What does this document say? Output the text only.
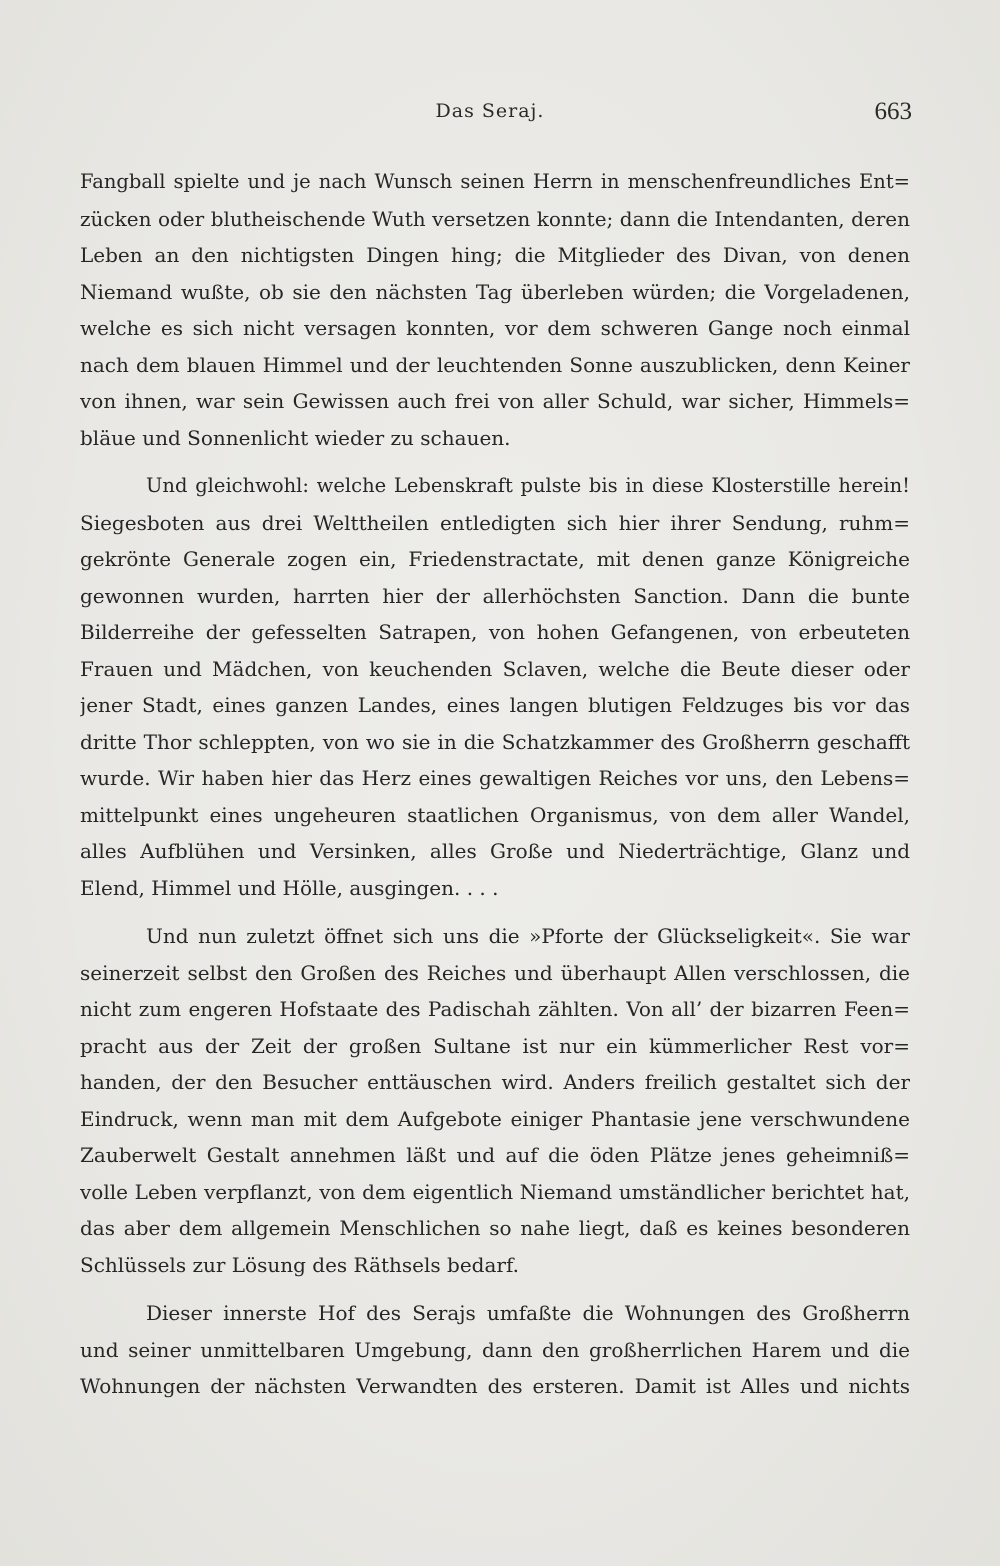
Das Seraj.	663
Fangball spielte und je nach Wunsch seinen Herrn in menschenfreundliches Ent=
zücken oder blutheischende Wuth versetzen konnte; dann die Intendanten, deren
Leben an den nichtigsten Dingen hing; die Mitglieder des Divan, von denen
Niemand wußte, ob sie den nächsten Tag überleben würden; die Vorgeladenen,
welche es sich nicht versagen konnten, vor dem schweren Gange noch einmal
nach dem blauen Himmel und der leuchtenden Sonne auszublicken, denn Keiner
von ihnen, war sein Gewissen auch frei von aller Schuld, war sicher, Himmels=
bläue und Sonnenlicht wieder zu schauen.
Und gleichwohl: welche Lebenskraft pulste bis in diese Klosterstille herein!
Siegesboten aus drei Welttheilen entledigten sich hier ihrer Sendung, ruhm=
gekrönte Generale zogen ein, Friedenstractate, mit denen ganze Königreiche
gewonnen wurden, harrten hier der allerhöchsten Sanction. Dann die bunte
Bilderreihe der gefesselten Satrapen, von hohen Gefangenen, von erbeuteten
Frauen und Mädchen, von keuchenden Sclaven, welche die Beute dieser oder
jener Stadt, eines ganzen Landes, eines langen blutigen Feldzuges bis vor das
dritte Thor schleppten, von wo sie in die Schatzkammer des Großherrn geschafft
wurde. Wir haben hier das Herz eines gewaltigen Reiches vor uns, den Lebens=
mittelpunkt eines ungeheuren staatlichen Organismus, von dem aller Wandel,
alles Aufblühen und Versinken, alles Große und Niederträchtige, Glanz und
Elend, Himmel und Hölle, ausgingen. . . .
Und nun zuletzt öffnet sich uns die »Pforte der Glückseligkeit«. Sie war
seinerzeit selbst den Großen des Reiches und überhaupt Allen verschlossen, die
nicht zum engeren Hofstaate des Padischah zählten. Von all’ der bizarren Feen=
pracht aus der Zeit der großen Sultane ist nur ein kümmerlicher Rest vor=
handen, der den Besucher enttäuschen wird. Anders freilich gestaltet sich der
Eindruck, wenn man mit dem Aufgebote einiger Phantasie jene verschwundene
Zauberwelt Gestalt annehmen läßt und auf die öden Plätze jenes geheimniß=
volle Leben verpflanzt, von dem eigentlich Niemand umständlicher berichtet hat,
das aber dem allgemein Menschlichen so nahe liegt, daß es keines besonderen
Schlüssels zur Lösung des Räthsels bedarf.
Dieser innerste Hof des Serajs umfaßte die Wohnungen des Großherrn
und seiner unmittelbaren Umgebung, dann den großherrlichen Harem und die
Wohnungen der nächsten Verwandten des ersteren. Damit ist Alles und nichts
